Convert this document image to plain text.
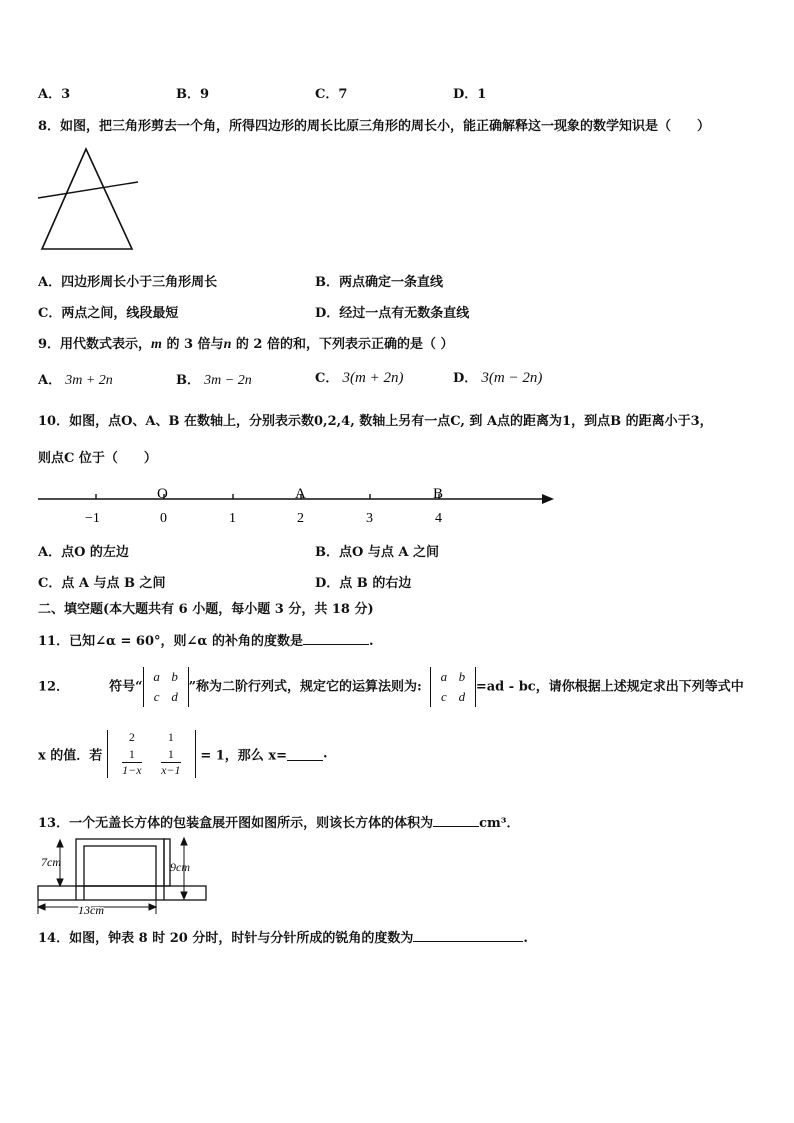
A．3	B．9	C．7	D．1
8．如图，把三角形剪去一个角，所得四边形的周长比原三角形的周长小，能正确解释这一现象的数学知识是（　　）
A．四边形周长小于三角形周长	B．两点确定一条直线
C．两点之间，线段最短	D．经过一点有无数条直线
9．用代数式表示，m 的 3 倍与n 的 2 倍的和，下列表示正确的是（ ）
A． 3m + 2n	B． 3m − 2n	C． 3(m + 2n)	D． 3(m − 2n)
10．如图，点O、A、B 在数轴上，分别表示数0,2,4, 数轴上另有一点C, 到 A点的距离为1，到点B 的距离小于3，
则点C 位于（　　）
O	A	B
−1	0	1	2	3	4
A．点O 的左边	B．点O 与点 A 之间
C．点 A 与点 B 之间	D．点 B 的右边
二、填空题(本大题共有 6 小题，每小题 3 分，共 18 分)
11．已知∠α = 60°，则∠α 的补角的度数是	.
12．	符号“a b
c d”称为二阶行列式，规定它的运算法则为:a b
c d=ad - bc，请你根据上述规定求出下列等式中
x 的值．若
2
1
1−x

1
1
x−1
= 1，那么 x=	.
13．一个无盖长方体的包装盒展开图如图所示，则该长方体的体积为	cm³．
7cm	9cm
13cm
14．如图，钟表 8 时 20 分时，时针与分针所成的锐角的度数为	.
